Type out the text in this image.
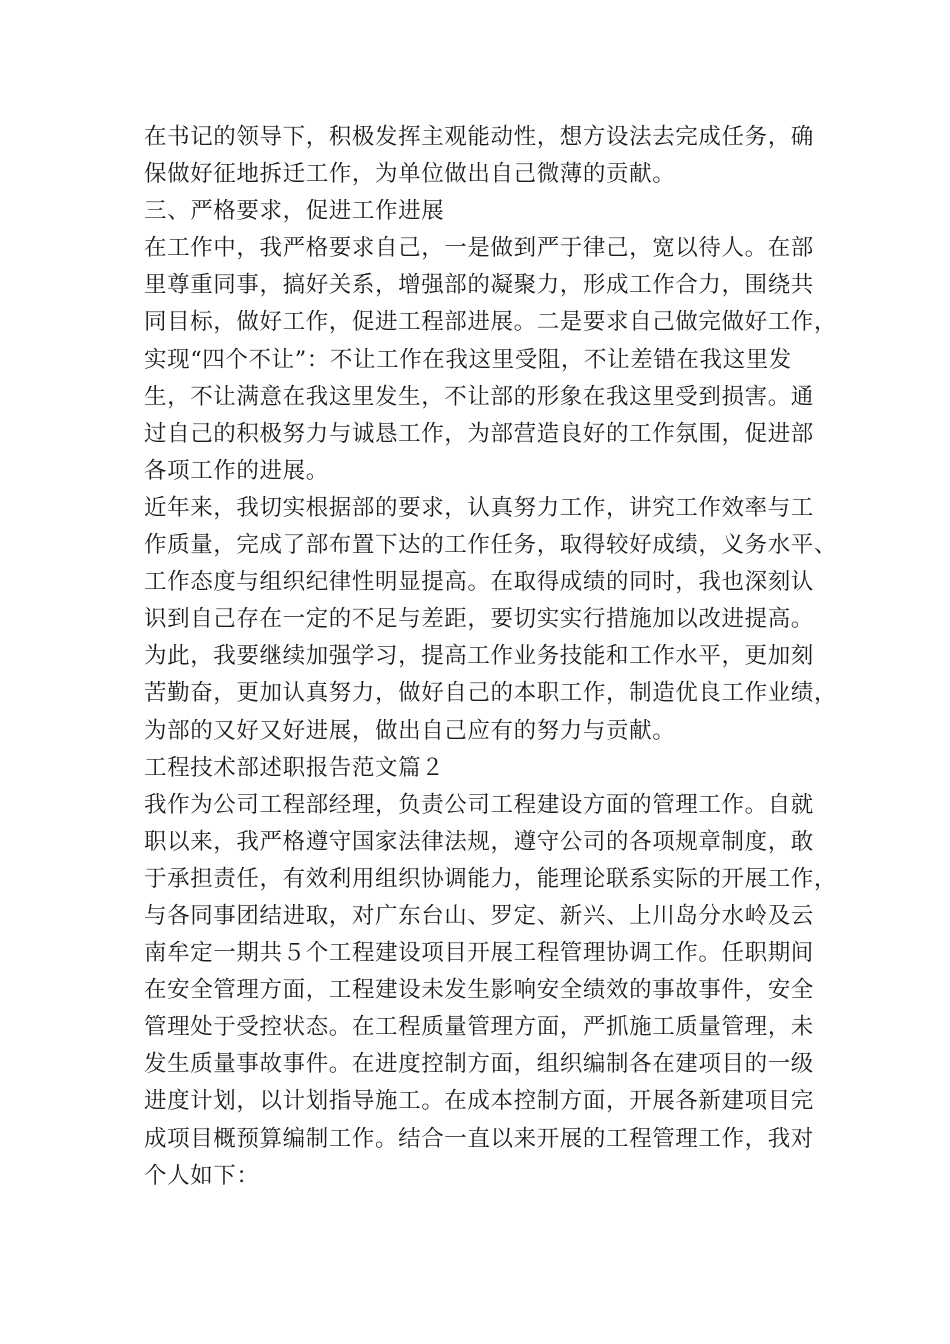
在书记的领导下，积极发挥主观能动性，想方设法去完成任务，确
保做好征地拆迁工作，为单位做出自己微薄的贡献。
三、严格要求，促进工作进展
在工作中，我严格要求自己，一是做到严于律己，宽以待人。在部
里尊重同事，搞好关系，增强部的凝聚力，形成工作合力，围绕共
同目标，做好工作，促进工程部进展。二是要求自己做完做好工作，
实现“四个不让”：不让工作在我这里受阻，不让差错在我这里发
生，不让满意在我这里发生，不让部的形象在我这里受到损害。通
过自己的积极努力与诚恳工作，为部营造良好的工作氛围，促进部
各项工作的进展。
近年来，我切实根据部的要求，认真努力工作，讲究工作效率与工
作质量，完成了部布置下达的工作任务，取得较好成绩，义务水平、
工作态度与组织纪律性明显提高。在取得成绩的同时，我也深刻认
识到自己存在一定的不足与差距，要切实实行措施加以改进提高。
为此，我要继续加强学习，提高工作业务技能和工作水平，更加刻
苦勤奋，更加认真努力，做好自己的本职工作，制造优良工作业绩，
为部的又好又好进展，做出自己应有的努力与贡献。
工程技术部述职报告范文篇２
我作为公司工程部经理，负责公司工程建设方面的管理工作。自就
职以来，我严格遵守国家法律法规，遵守公司的各项规章制度，敢
于承担责任，有效利用组织协调能力，能理论联系实际的开展工作，
与各同事团结进取，对广东台山、罗定、新兴、上川岛分水岭及云
南牟定一期共５个工程建设项目开展工程管理协调工作。任职期间
在安全管理方面，工程建设未发生影响安全绩效的事故事件，安全
管理处于受控状态。在工程质量管理方面，严抓施工质量管理，未
发生质量事故事件。在进度控制方面，组织编制各在建项目的一级
进度计划，以计划指导施工。在成本控制方面，开展各新建项目完
成项目概预算编制工作。结合一直以来开展的工程管理工作，我对
个人如下：
